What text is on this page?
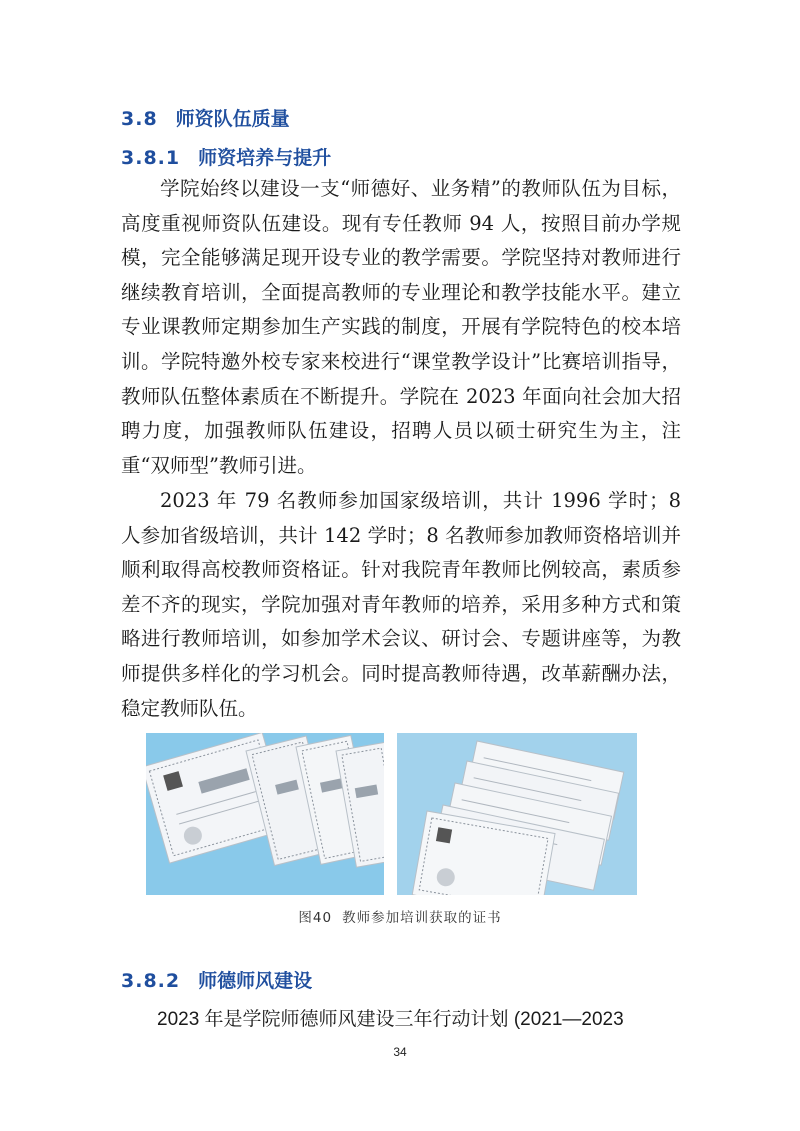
3.8 师资队伍质量
3.8.1 师资培养与提升

学院始终以建设一支“师德好、业务精”的教师队伍为目标，高度重视师资队伍建设。现有专任教师 94 人，按照目前办学规模，完全能够满足现开设专业的教学需要。学院坚持对教师进行继续教育培训，全面提高教师的专业理论和教学技能水平。建立专业课教师定期参加生产实践的制度，开展有学院特色的校本培训。学院特邀外校专家来校进行“课堂教学设计”比赛培训指导，教师队伍整体素质在不断提升。学院在 2023 年面向社会加大招聘力度，加强教师队伍建设，招聘人员以硕士研究生为主，注重“双师型”教师引进。

2023 年 79 名教师参加国家级培训，共计 1996 学时；8 人参加省级培训，共计 142 学时；8 名教师参加教师资格培训并顺利取得高校教师资格证。针对我院青年教师比例较高，素质参差不齐的现实，学院加强对青年教师的培养，采用多种方式和策略进行教师培训，如参加学术会议、研讨会、专题讲座等，为教师提供多样化的学习机会。同时提高教师待遇，改革薪酬办法，稳定教师队伍。

图40 教师参加培训获取的证书
3.8.2 师德师风建设
2023 年是学院师德师风建设三年行动计划 (2021—2023
34
